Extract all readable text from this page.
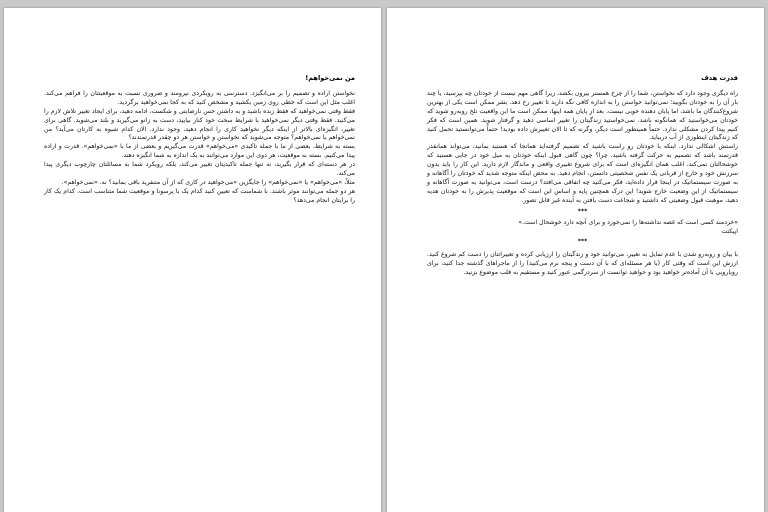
من نمی‌خواهم!

نخواستن اراده و تصمیم را بر می‌انگیزد. دسترسی به رویکردی نیرومند و ضروری نسبت به موقعیتتان را فراهم می‌کند. اغلب مثل این است که خطی روی زمین بکشید و مشخص کنید که به کجا نمی‌خواهید برگردید.

فقط وقتی نمی‌خواهید که فقط زنده باشید و به داشتن حس نارضایتی و شکست، ادامه دهید، برای ایجاد تغییر تلاش لازم را می‌کنید. فقط وقتی دیگر نمی‌خواهید با شرایط سخت خود کنار بیایید، دست به زانو می‌گیرید و بلند می‌شوید. گاهی برای تغییر، انگیزه‌ای بالاتر از اینکه دیگر نخواهید کاری را انجام دهید، وجود ندارد. الان کدام شیوه به کارتان می‌آید؟ من نمی‌خواهم یا نمی‌خواهم؟ متوجه می‌شوید که نخواستن و خواستن هر دو چقدر قدرتمندند؟

بسته به شرایط، بعضی از ما با جمله تاکیدی «می‌خواهم» قدرت می‌گیریم و بعضی از ما با «نمی‌خواهم». قدرت و اراده پیدا می‌کنیم. بسته به موقعیت، هر دوی این موارد می‌توانند به یک اندازه به شما انگیزه دهند.

در هر دسته‌ای که قرار بگیرید، نه تنها جمله تاکیدیتان تغییر می‌کند، بلکه رویکرد شما به مسائلتان چارچوب دیگری پیدا می‌کند.

مثلاً، «می‌خواهم» یا «نمی‌خواهم» را جایگزین «می‌خواهید در کاری که از آن متنفرید باقی بمانید؟ نه. «نمی‌خواهم».

هر دو جمله می‌توانند موثر باشند. با شماست که تعیین کنید کدام یک با پرسونا و موقعیت شما متناسب است. کدام یک کار را برایتان انجام می‌دهد؟

قدرت هدف

راه دیگری وجود دارد که نخواستن، شما را از چرخ همستر بیرون بکشد، زیرا گاهی مهم نیست از خودتان چه بپرسید، یا چند بار آن را به خودتان بگویید؛ نمی‌توانید خواستن را به اندازه کافی نگه دارید تا تغییر رخ دهد. بشر ممکن است یکی از بهترین شروع‌کنندگان ما باشد، اما پایان دهنده خوبی نیست. بعد از پایان همه اینها، ممکن است ما این واقعیت تلخ روبه‌رو شوید که خودتان می‌خواستید که همانگونه باشد. نمی‌خواستید زندگیتان را تغییر اساسی دهید و گرفتار شوید. همین است که فکر کنیم پیدا کردن مشکلی ندارد. حتماً همینطور است دیگر، وگرنه که تا الان تغییرش داده بودید! حتماً می‌توانستید تحمل کنید که زندگیتان اینطوری از آب دربیاید.

راستش اشکالی ندارد. اینکه با خودتان رو راست باشید که تصمیم گرفته‌اید همانجا که هستید بمانید، می‌تواند همانقدر قدرتمند باشد که تصمیم به حرکت گرفته باشید. چرا؟ چون گاهی قبول اینکه خودتان به میل خود در جایی هستید که خوشحالتان نمی‌کند، اغلب همان انگیزه‌ای است که برای شروع تغییری واقعی و ماندگار لازم دارید. این کار را باید بدون سرزنش خود و خارج از قربانی یک نفس شخصیتی دانستن، انجام دهید. به محض اینکه متوجه شدید که خودتان را آگاهانه و به صورت سیستماتیک در اینجا قرار داده‌اید، فکر می‌کنید چه اتفاقی می‌افتد؟ درست است، می‌توانید به صورت آگاهانه و سیستماتیک از این وضعیت خارج شوید! این درک همچنین پایه و اساس این است که موقعیت پذیرش را به خودتان هدیه دهید، موهبت قبول وضعیتی که داشتید و شجاعت دست یافتن به آینده غیر قابل تصور.

***

«خردمند کسی است که غصه نداشته‌ها را نمی‌خورد و برای آنچه دارد خوشحال است.»

اپیکتت

***

با بیان و روبه‌رو شدن با عدم تمایل به تغییر، می‌توانید خود و زندگیتان را ارزیابی کرده و تغییراتتان را دست کم شروع کنید. ارزش این است که وقتی کار (یا هر مسئله‌ای که با آن دست و پنجه نرم می‌کنید) را از ماجراهای گذشته جدا کنید، برای رویارویی با آن آماده‌تر خواهید بود و خواهید توانست از سردرگمی عبور کنید و مستقیم به قلب موضوع بزنید.
